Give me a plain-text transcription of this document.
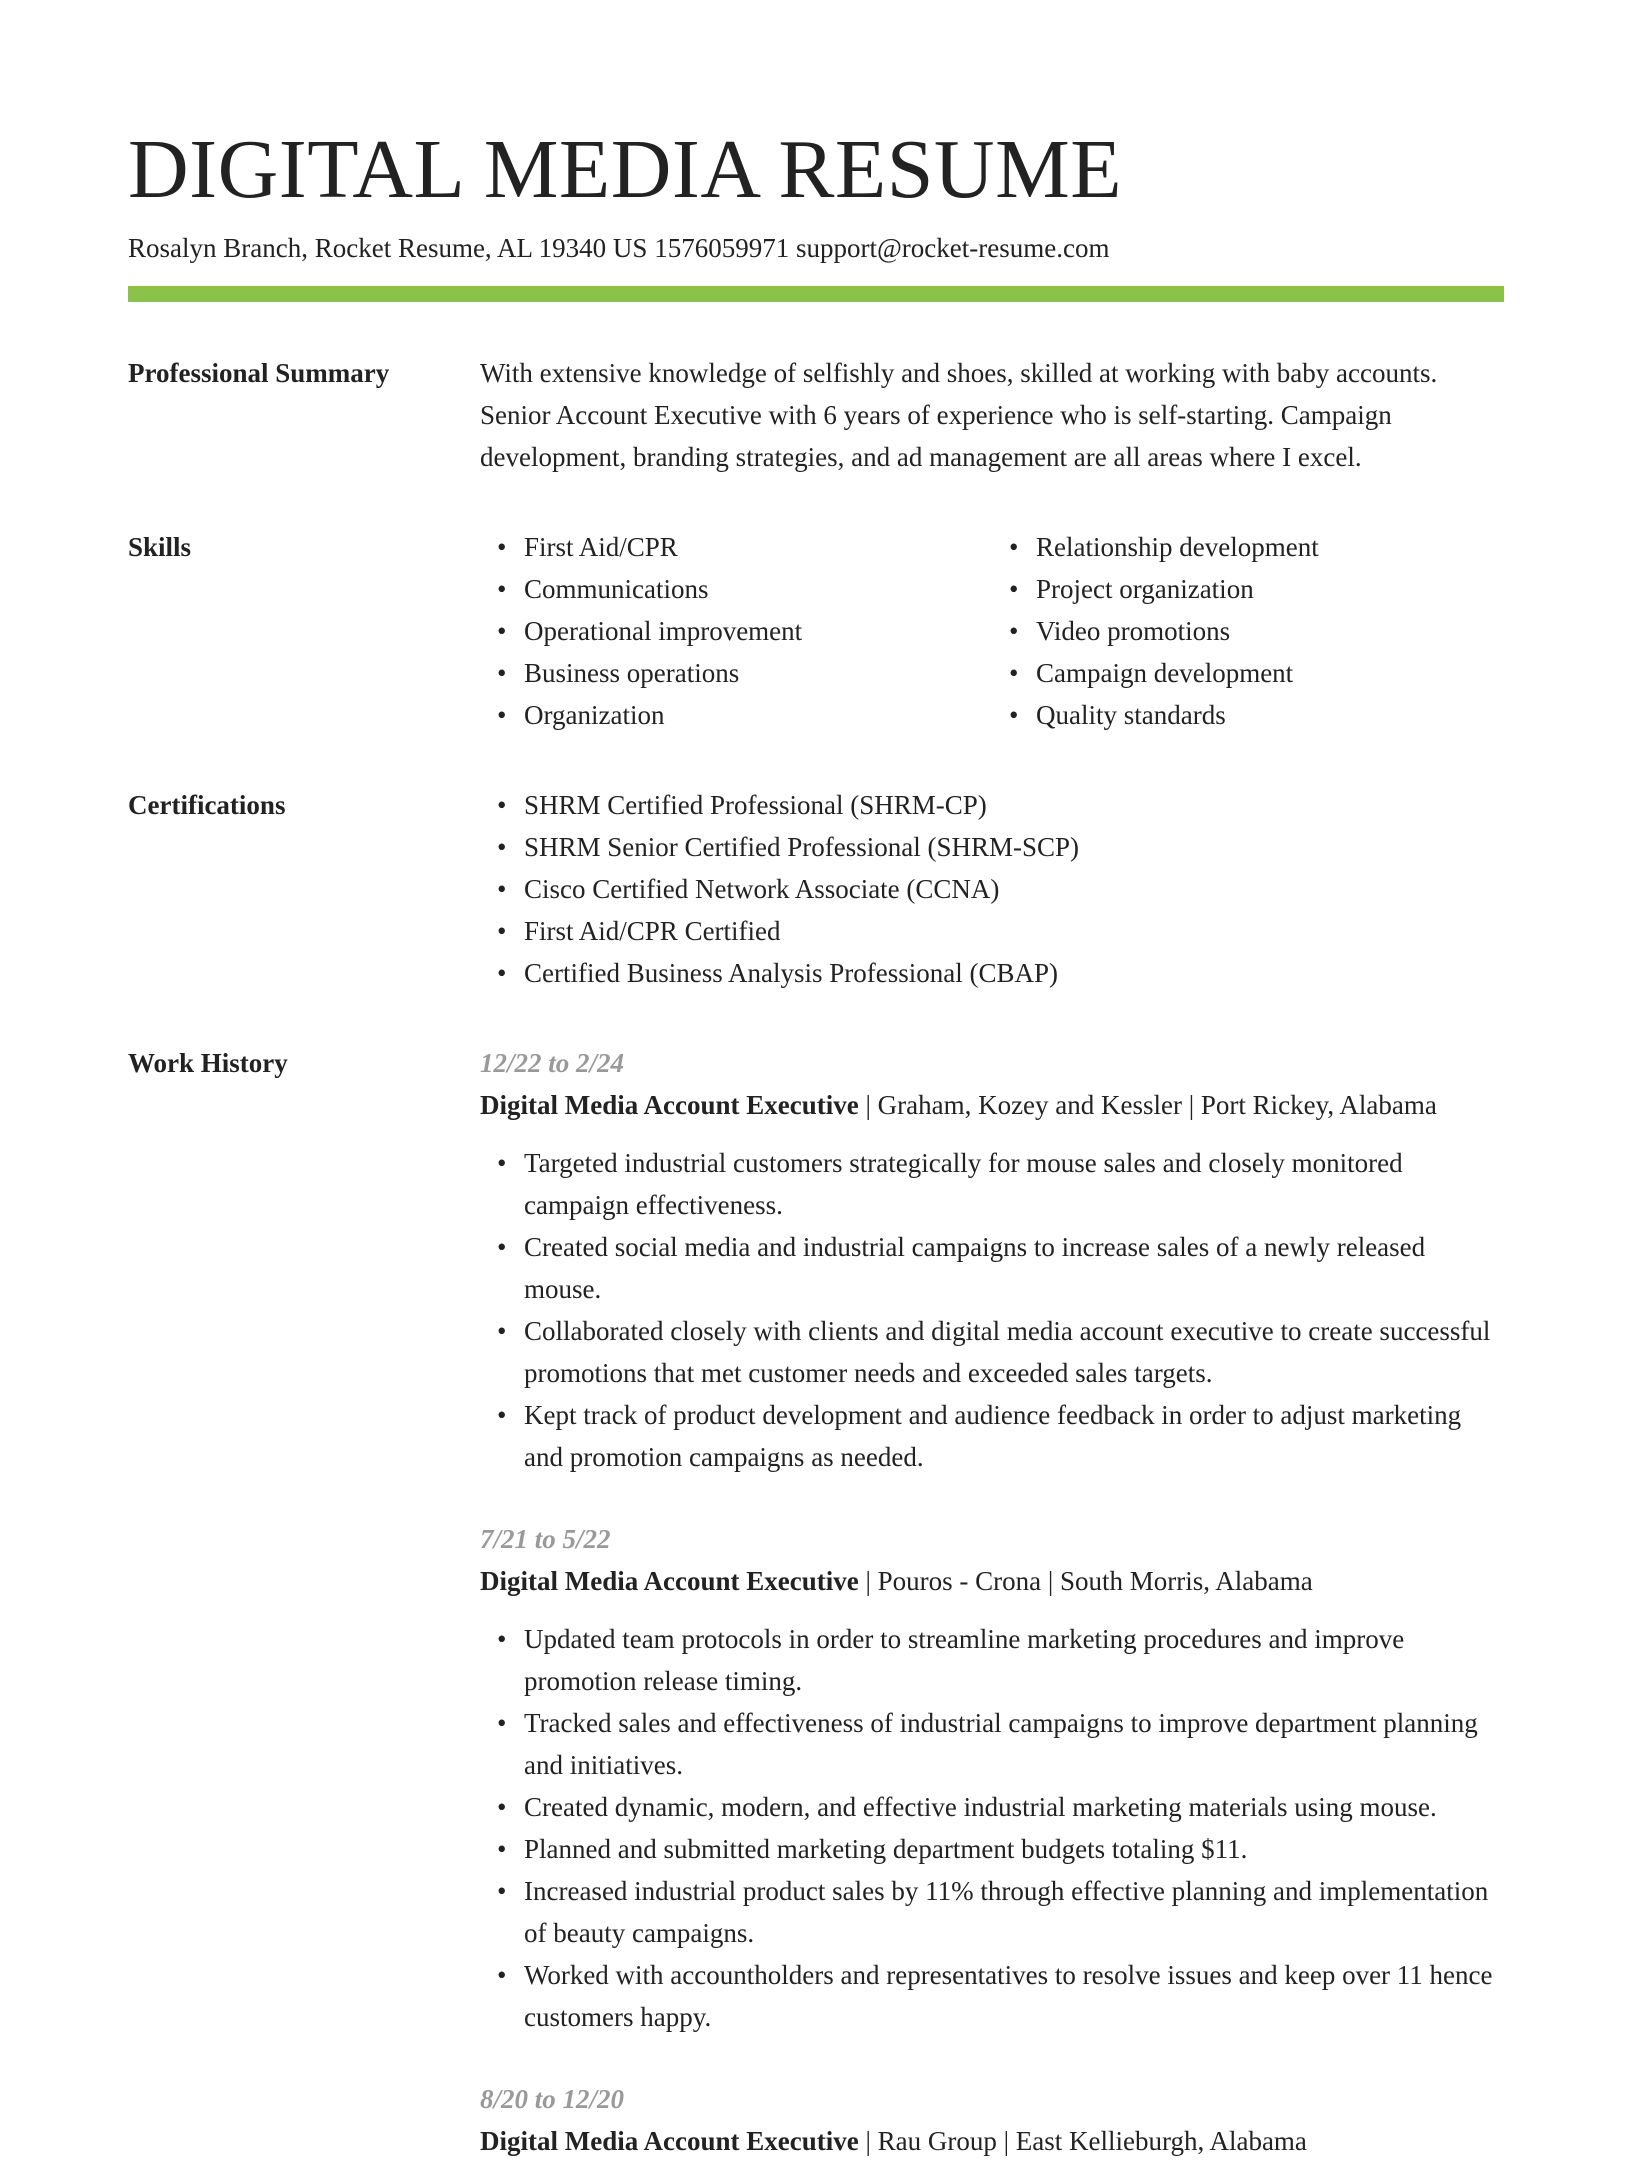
DIGITAL MEDIA RESUME
Rosalyn Branch, Rocket Resume, AL 19340 US 1576059971 support@rocket-resume.com
Professional Summary	With extensive knowledge of selfishly and shoes, skilled at working with baby accounts. Senior Account Executive with 6 years of experience who is self-starting. Campaign development, branding strategies, and ad management are all areas where I excel.

Skills	• First Aid/CPR
• Communications
• Operational improvement
• Business operations
• Organization
• Relationship development
• Project organization
• Video promotions
• Campaign development
• Quality standards
Certifications	• SHRM Certified Professional (SHRM-CP)
• SHRM Senior Certified Professional (SHRM-SCP)
• Cisco Certified Network Associate (CCNA)
• First Aid/CPR Certified
• Certified Business Analysis Professional (CBAP)
Work History	12/22 to 2/24
Digital Media Account Executive | Graham, Kozey and Kessler | Port Rickey, Alabama
• Targeted industrial customers strategically for mouse sales and closely monitored campaign effectiveness.
• Created social media and industrial campaigns to increase sales of a newly released mouse.
• Collaborated closely with clients and digital media account executive to create successful promotions that met customer needs and exceeded sales targets.
• Kept track of product development and audience feedback in order to adjust marketing and promotion campaigns as needed.
7/21 to 5/22
Digital Media Account Executive | Pouros - Crona | South Morris, Alabama
• Updated team protocols in order to streamline marketing procedures and improve promotion release timing.
• Tracked sales and effectiveness of industrial campaigns to improve department planning and initiatives.
• Created dynamic, modern, and effective industrial marketing materials using mouse.
• Planned and submitted marketing department budgets totaling $11.
• Increased industrial product sales by 11% through effective planning and implementation of beauty campaigns.
• Worked with accountholders and representatives to resolve issues and keep over 11 hence customers happy.
8/20 to 12/20
Digital Media Account Executive | Rau Group | East Kellieburgh, Alabama
